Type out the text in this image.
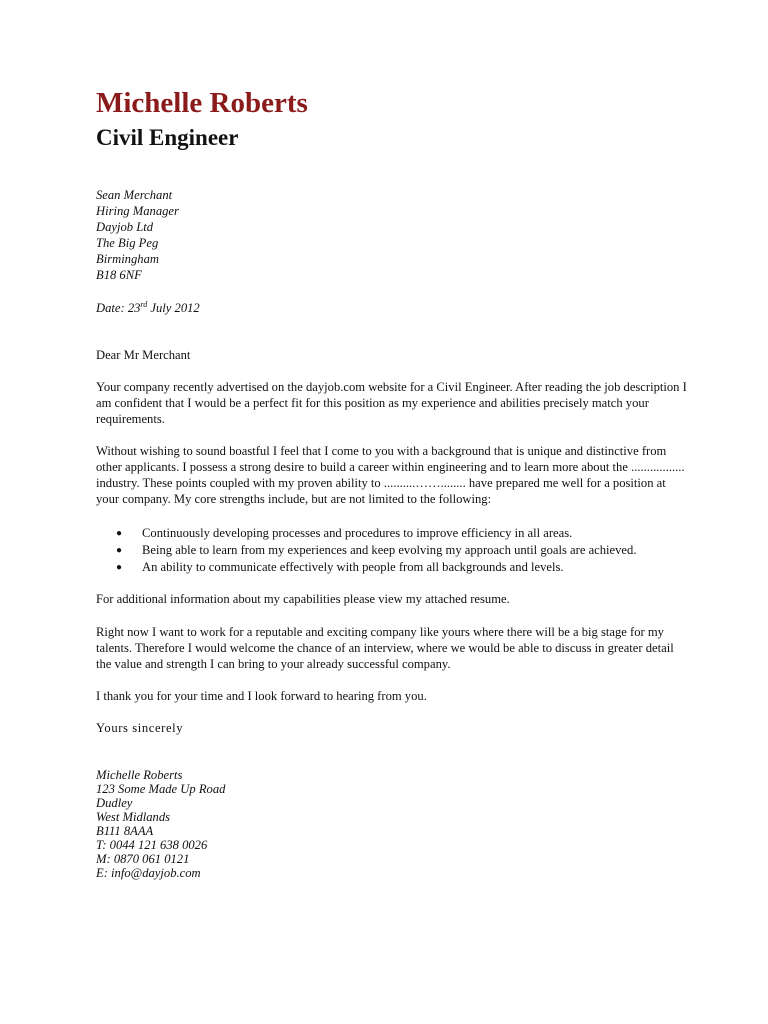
Michelle Roberts
Civil Engineer
Sean Merchant
Hiring Manager
Dayjob Ltd
The Big Peg
Birmingham
B18 6NF
Date: 23rd July 2012
Dear Mr Merchant

Your company recently advertised on the dayjob.com website for a Civil Engineer. After reading the job description I am confident that I would be a perfect fit for this position as my experience and abilities precisely match your requirements.

Without wishing to sound boastful I feel that I come to you with a background that is unique and distinctive from other applicants. I possess a strong desire to build a career within engineering and to learn more about the ................. industry. These points coupled with my proven ability to ..........……........ have prepared me well for a position at your company. My core strengths include, but are not limited to the following:

● Continuously developing processes and procedures to improve efficiency in all areas.
● Being able to learn from my experiences and keep evolving my approach until goals are achieved.
● An ability to communicate effectively with people from all backgrounds and levels.

For additional information about my capabilities please view my attached resume.

Right now I want to work for a reputable and exciting company like yours where there will be a big stage for my talents. Therefore I would welcome the chance of an interview, where we would be able to discuss in greater detail the value and strength I can bring to your already successful company.

I thank you for your time and I look forward to hearing from you.

Yours sincerely
Michelle Roberts
123 Some Made Up Road
Dudley
West Midlands
B111 8AAA
T: 0044 121 638 0026
M: 0870 061 0121
E: info@dayjob.com
